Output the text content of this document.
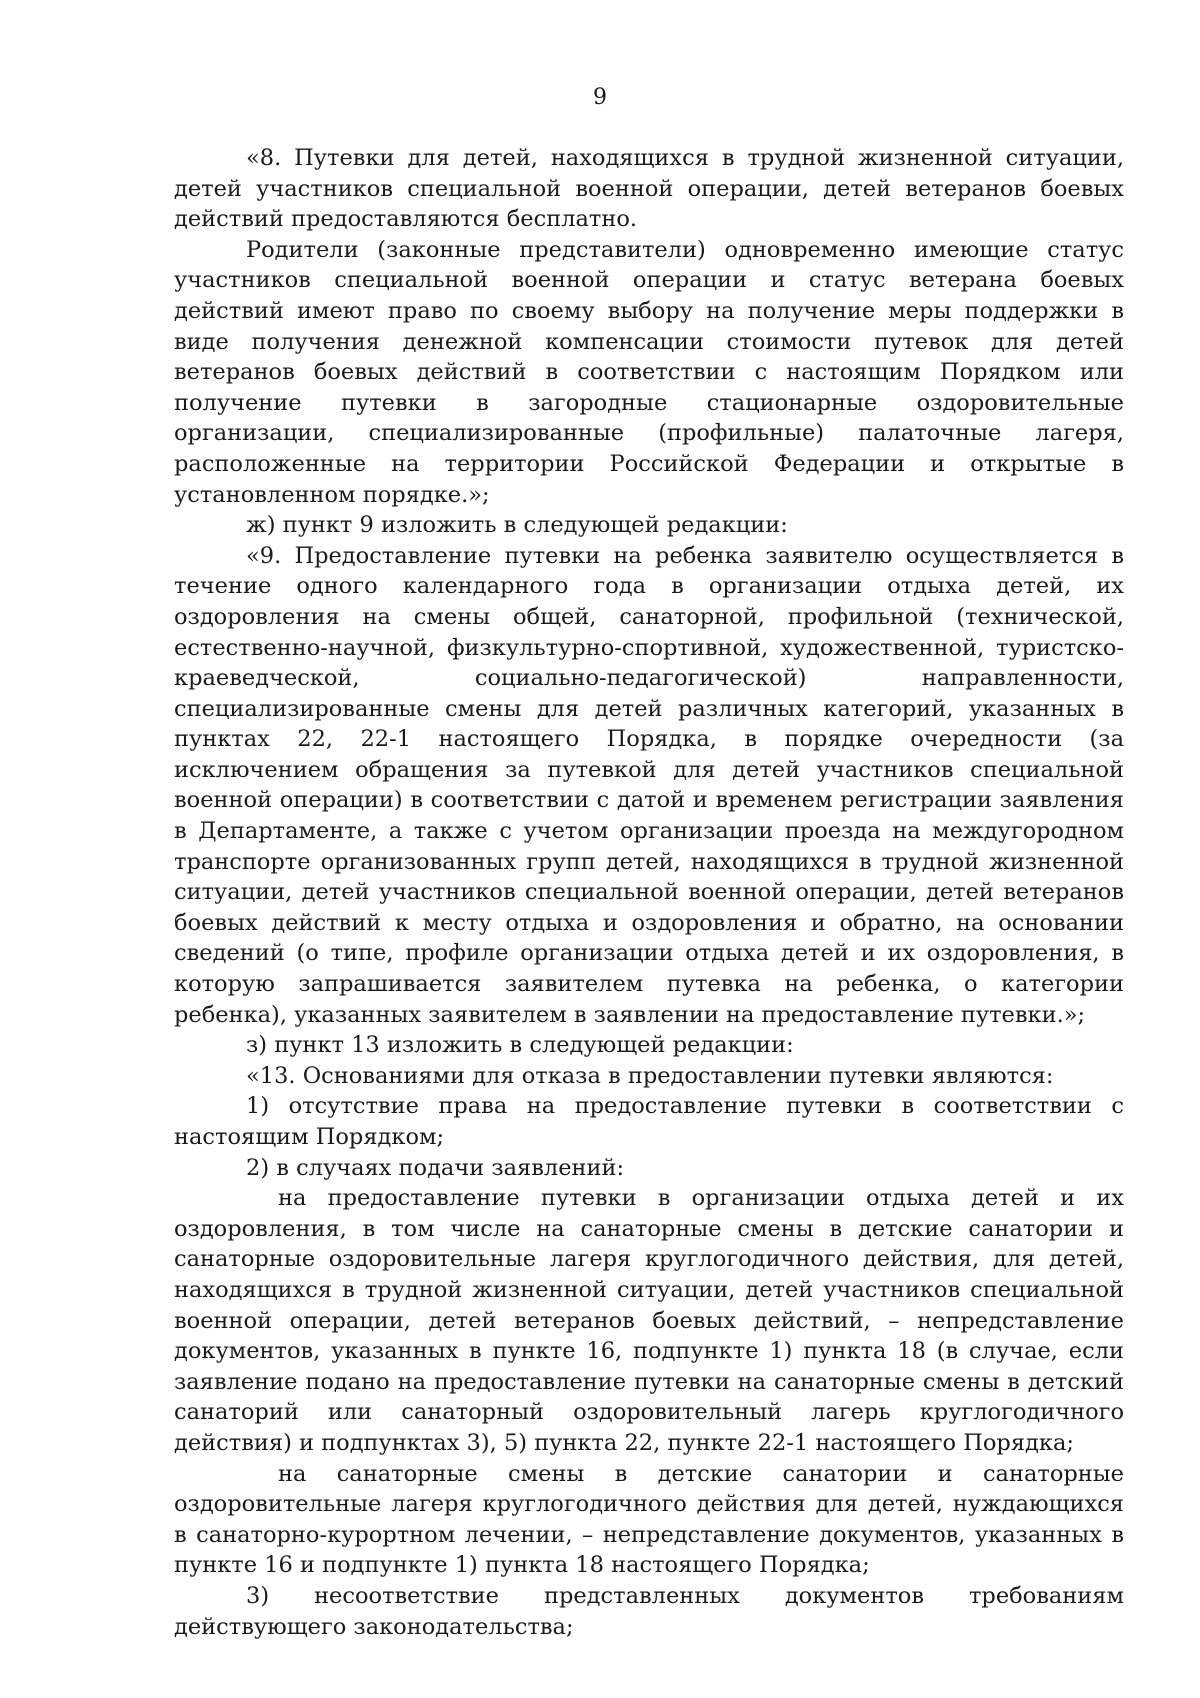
9

«8. Путевки для детей, находящихся в трудной жизненной ситуации, детей участников специальной военной операции, детей ветеранов боевых действий предоставляются бесплатно.

Родители (законные представители) одновременно имеющие статус участников специальной военной операции и статус ветерана боевых действий имеют право по своему выбору на получение меры поддержки в виде получения денежной компенсации стоимости путевок для детей ветеранов боевых действий в соответствии с настоящим Порядком или получение путевки в загородные стационарные оздоровительные организации, специализированные (профильные) палаточные лагеря, расположенные на территории Российской Федерации и открытые в установленном порядке.»;

ж) пункт 9 изложить в следующей редакции:

«9. Предоставление путевки на ребенка заявителю осуществляется в течение одного календарного года в организации отдыха детей, их оздоровления на смены общей, санаторной, профильной (технической, естественно-научной, физкультурно-спортивной, художественной, туристско-краеведческой, социально-педагогической) направленности, специализированные смены для детей различных категорий, указанных в пунктах 22, 22-1 настоящего Порядка, в порядке очередности (за исключением обращения за путевкой для детей участников специальной военной операции) в соответствии с датой и временем регистрации заявления в Департаменте, а также с учетом организации проезда на междугородном транспорте организованных групп детей, находящихся в трудной жизненной ситуации, детей участников специальной военной операции, детей ветеранов боевых действий к месту отдыха и оздоровления и обратно, на основании сведений (о типе, профиле организации отдыха детей и их оздоровления, в которую запрашивается заявителем путевка на ребенка, о категории ребенка), указанных заявителем в заявлении на предоставление путевки.»;

з) пункт 13 изложить в следующей редакции:

«13. Основаниями для отказа в предоставлении путевки являются:

1) отсутствие права на предоставление путевки в соответствии с настоящим Порядком;

2) в случаях подачи заявлений:

на предоставление путевки в организации отдыха детей и их оздоровления, в том числе на санаторные смены в детские санатории и санаторные оздоровительные лагеря круглогодичного действия, для детей, находящихся в трудной жизненной ситуации, детей участников специальной военной операции, детей ветеранов боевых действий, – непредставление документов, указанных в пункте 16, подпункте 1) пункта 18 (в случае, если заявление подано на предоставление путевки на санаторные смены в детский санаторий или санаторный оздоровительный лагерь круглогодичного действия) и подпунктах 3), 5) пункта 22, пункте 22-1 настоящего Порядка;

на санаторные смены в детские санатории и санаторные оздоровительные лагеря круглогодичного действия для детей, нуждающихся в санаторно-курортном лечении, – непредставление документов, указанных в пункте 16 и подпункте 1) пункта 18 настоящего Порядка;

3) несоответствие представленных документов требованиям действующего законодательства;
